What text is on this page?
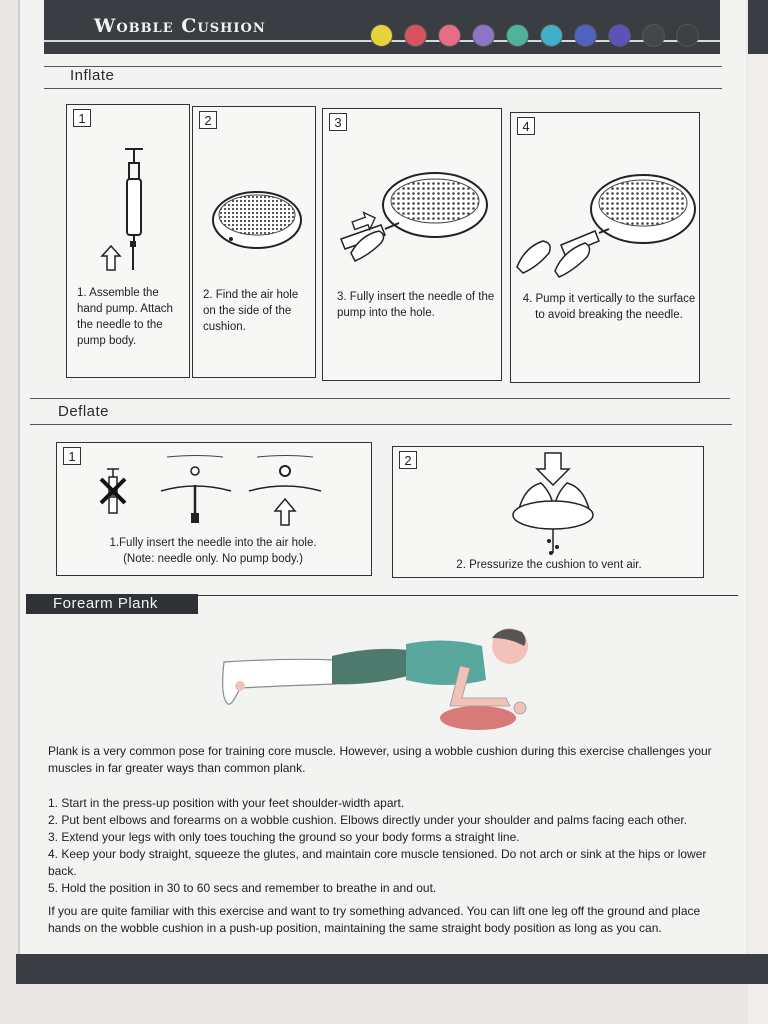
Wobble Cushion
Inflate
1
1. Assemble the hand pump. Attach the needle to the pump body.
2
2. Find the air hole on the side of the cushion.
3
3. Fully insert the needle of the pump into the hole.
4
4. Pump it vertically to the surface to avoid breaking the needle.
Deflate
1
1.Fully insert the needle into the air hole.
(Note: needle only. No pump body.)
2
2. Pressurize the cushion to vent air.
Forearm Plank
Plank is a very common pose for training core muscle. However, using a wobble cushion during this exercise challenges your muscles in far greater ways than common plank.
1. Start in the press-up position with your feet shoulder-width apart.
2. Put bent elbows and forearms on a wobble cushion. Elbows directly under your shoulder and palms facing each other.
3. Extend your legs with only toes touching the ground so your body forms a straight line.
4. Keep your body straight, squeeze the glutes, and maintain core muscle tensioned. Do not arch or sink at the hips or lower back.
5. Hold the position in 30 to 60 secs and remember to breathe in and out.
If you are quite familiar with this exercise and want to try something advanced. You can lift one leg off the ground and place hands on the wobble cushion in a push-up position, maintaining the same straight body position as long as you can.
